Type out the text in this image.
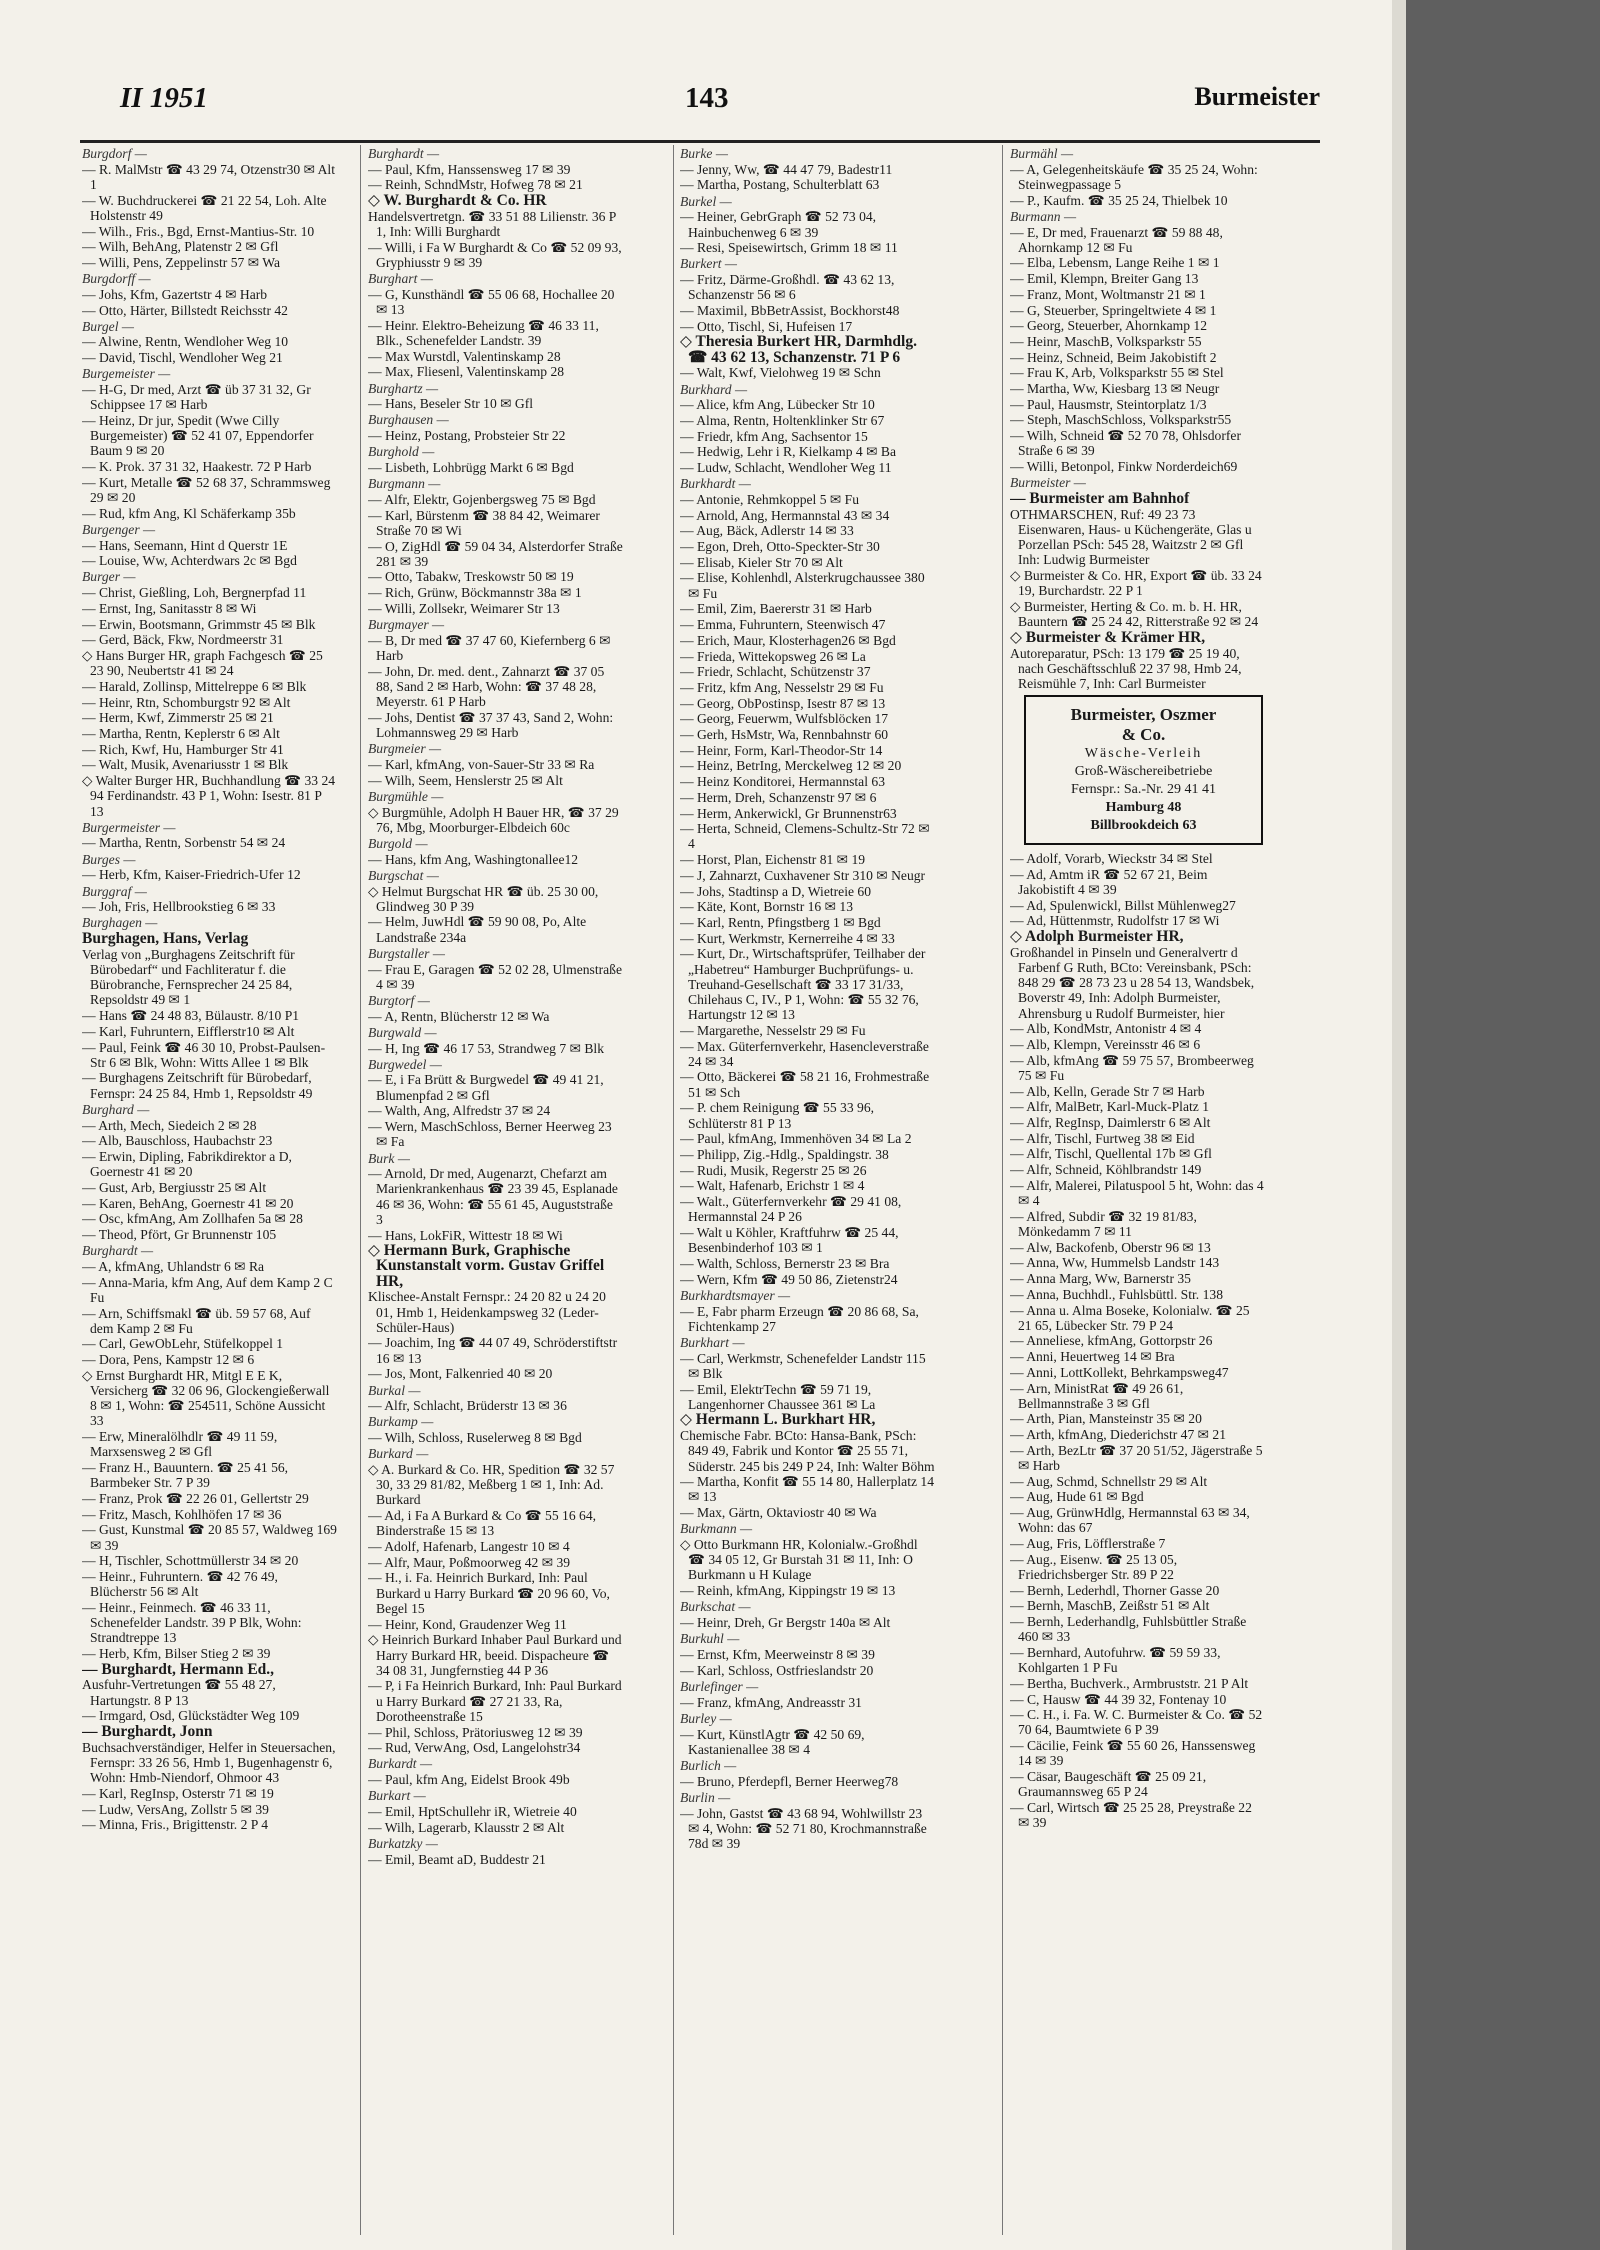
II 1951	143	Burmeister
Burgdorf —
— R. MalMstr ☎ 43 29 74, Otzenstr30 ✉ Alt 1
— W. Buchdruckerei ☎ 21 22 54, Loh. Alte Holstenstr 49
— Wilh., Fris., Bgd, Ernst-Mantius-Str. 10
— Wilh, BehAng, Platenstr 2 ✉ Gfl
— Willi, Pens, Zeppelinstr 57 ✉ Wa
Burgdorff —
— Johs, Kfm, Gazertstr 4 ✉ Harb
— Otto, Härter, Billstedt Reichsstr 42
Burgel —
— Alwine, Rentn, Wendloher Weg 10
— David, Tischl, Wendloher Weg 21
Burgemeister —
— H-G, Dr med, Arzt ☎ üb 37 31 32, Gr Schippsee 17 ✉ Harb
— Heinz, Dr jur, Spedit (Wwe Cilly Burgemeister) ☎ 52 41 07, Eppendorfer Baum 9 ✉ 20
— K. Prok. 37 31 32, Haakestr. 72 P Harb
— Kurt, Metalle ☎ 52 68 37, Schrammsweg 29 ✉ 20
— Rud, kfm Ang, Kl Schäferkamp 35b
Burgenger —
— Hans, Seemann, Hint d Querstr 1E
— Louise, Ww, Achterdwars 2c ✉ Bgd
Burger —
— Christ, Gießling, Loh, Bergnerpfad 11
— Ernst, Ing, Sanitasstr 8 ✉ Wi
— Erwin, Bootsmann, Grimmstr 45 ✉ Blk
— Gerd, Bäck, Fkw, Nordmeerstr 31
◇ Hans Burger HR, graph Fachgesch ☎ 25 23 90, Neubertstr 41 ✉ 24
— Harald, Zollinsp, Mittelreppe 6 ✉ Blk
— Heinr, Rtn, Schomburgstr 92 ✉ Alt
— Herm, Kwf, Zimmerstr 25 ✉ 21
— Martha, Rentn, Keplerstr 6 ✉ Alt
— Rich, Kwf, Hu, Hamburger Str 41
— Walt, Musik, Avenariusstr 1 ✉ Blk
◇ Walter Burger HR, Buchhandlung ☎ 33 24 94 Ferdinandstr. 43 P 1, Wohn: Isestr. 81 P 13
Burgermeister —
— Martha, Rentn, Sorbenstr 54 ✉ 24
Burges —
— Herb, Kfm, Kaiser-Friedrich-Ufer 12
Burggraf —
— Joh, Fris, Hellbrookstieg 6 ✉ 33
Burghagen —
Burghagen, Hans, Verlag
Verlag von „Burghagens Zeitschrift für Bürobedarf“ und Fachliteratur f. die Bürobranche, Fernsprecher 24 25 84, Repsoldstr 49 ✉ 1
— Hans ☎ 24 48 83, Bülaustr. 8/10 P1
— Karl, Fuhruntern, Eifflerstr10 ✉ Alt
— Paul, Feink ☎ 46 30 10, Probst-Paulsen-Str 6 ✉ Blk, Wohn: Witts Allee 1 ✉ Blk
— Burghagens Zeitschrift für Bürobedarf, Fernspr: 24 25 84, Hmb 1, Repsoldstr 49
Burghard —
— Arth, Mech, Siedeich 2 ✉ 28
— Alb, Bauschloss, Haubachstr 23
— Erwin, Dipling, Fabrikdirektor a D, Goernestr 41 ✉ 20
— Gust, Arb, Bergiusstr 25 ✉ Alt
— Karen, BehAng, Goernestr 41 ✉ 20
— Osc, kfmAng, Am Zollhafen 5a ✉ 28
— Theod, Pfört, Gr Brunnenstr 105
Burghardt —
— A, kfmAng, Uhlandstr 6 ✉ Ra
— Anna-Maria, kfm Ang, Auf dem Kamp 2 C Fu
— Arn, Schiffsmakl ☎ üb. 59 57 68, Auf dem Kamp 2 ✉ Fu
— Carl, GewObLehr, Stüfelkoppel 1
— Dora, Pens, Kampstr 12 ✉ 6
◇ Ernst Burghardt HR, Mitgl E E K, Versicherg ☎ 32 06 96, Glockengießerwall 8 ✉ 1, Wohn: ☎ 254511, Schöne Aussicht 33
— Erw, Mineralölhdlr ☎ 49 11 59, Marxsensweg 2 ✉ Gfl
— Franz H., Bauuntern. ☎ 25 41 56, Barmbeker Str. 7 P 39
— Franz, Prok ☎ 22 26 01, Gellertstr 29
— Fritz, Masch, Kohlhöfen 17 ✉ 36
— Gust, Kunstmal ☎ 20 85 57, Waldweg 169 ✉ 39
— H, Tischler, Schottmüllerstr 34 ✉ 20
— Heinr., Fuhruntern. ☎ 42 76 49, Blücherstr 56 ✉ Alt
— Heinr., Feinmech. ☎ 46 33 11, Schenefelder Landstr. 39 P Blk, Wohn: Strandtreppe 13
— Herb, Kfm, Bilser Stieg 2 ✉ 39
— Burghardt, Hermann Ed.,
Ausfuhr-Vertretungen ☎ 55 48 27, Hartungstr. 8 P 13
— Irmgard, Osd, Glückstädter Weg 109
— Burghardt, Jonn
Buchsachverständiger, Helfer in Steuersachen, Fernspr: 33 26 56, Hmb 1, Bugenhagenstr 6, Wohn: Hmb-Niendorf, Ohmoor 43
— Karl, RegInsp, Osterstr 71 ✉ 19
— Ludw, VersAng, Zollstr 5 ✉ 39
— Minna, Fris., Brigittenstr. 2 P 4
Burghardt —
— Paul, Kfm, Hanssensweg 17 ✉ 39
— Reinh, SchndMstr, Hofweg 78 ✉ 21
◇ W. Burghardt & Co. HR
Handelsvertretgn. ☎ 33 51 88 Lilienstr. 36 P 1, Inh: Willi Burghardt
— Willi, i Fa W Burghardt & Co ☎ 52 09 93, Gryphiusstr 9 ✉ 39
Burghart —
— G, Kunsthändl ☎ 55 06 68, Hochallee 20 ✉ 13
— Heinr. Elektro-Beheizung ☎ 46 33 11, Blk., Schenefelder Landstr. 39
— Max Wurstdl, Valentinskamp 28
— Max, Fliesenl, Valentinskamp 28
Burghartz —
— Hans, Beseler Str 10 ✉ Gfl
Burghausen —
— Heinz, Postang, Probsteier Str 22
Burghold —
— Lisbeth, Lohbrügg Markt 6 ✉ Bgd
Burgmann —
— Alfr, Elektr, Gojenbergsweg 75 ✉ Bgd
— Karl, Bürstenm ☎ 38 84 42, Weimarer Straße 70 ✉ Wi
— O, ZigHdl ☎ 59 04 34, Alsterdorfer Straße 281 ✉ 39
— Otto, Tabakw, Treskowstr 50 ✉ 19
— Rich, Grünw, Böckmannstr 38a ✉ 1
— Willi, Zollsekr, Weimarer Str 13
Burgmayer —
— B, Dr med ☎ 37 47 60, Kiefernberg 6 ✉ Harb
— John, Dr. med. dent., Zahnarzt ☎ 37 05 88, Sand 2 ✉ Harb, Wohn: ☎ 37 48 28, Meyerstr. 61 P Harb
— Johs, Dentist ☎ 37 37 43, Sand 2, Wohn: Lohmannsweg 29 ✉ Harb
Burgmeier —
— Karl, kfmAng, von-Sauer-Str 33 ✉ Ra
— Wilh, Seem, Henslerstr 25 ✉ Alt
Burgmühle —
◇ Burgmühle, Adolph H Bauer HR, ☎ 37 29 76, Mbg, Moorburger-Elbdeich 60c
Burgold —
— Hans, kfm Ang, Washingtonallee12
Burgschat —
◇ Helmut Burgschat HR ☎ üb. 25 30 00, Glindweg 30 P 39
— Helm, JuwHdl ☎ 59 90 08, Po, Alte Landstraße 234a
Burgstaller —
— Frau E, Garagen ☎ 52 02 28, Ulmenstraße 4 ✉ 39
Burgtorf —
— A, Rentn, Blücherstr 12 ✉ Wa
Burgwald —
— H, Ing ☎ 46 17 53, Strandweg 7 ✉ Blk
Burgwedel —
— E, i Fa Brütt & Burgwedel ☎ 49 41 21, Blumenpfad 2 ✉ Gfl
— Walth, Ang, Alfredstr 37 ✉ 24
— Wern, MaschSchloss, Berner Heerweg 23 ✉ Fa
Burk —
— Arnold, Dr med, Augenarzt, Chefarzt am Marienkrankenhaus ☎ 23 39 45, Esplanade 46 ✉ 36, Wohn: ☎ 55 61 45, Auguststraße 3
— Hans, LokFiR, Wittestr 18 ✉ Wi
◇ Hermann Burk, Graphische Kunstanstalt vorm. Gustav Griffel HR,
Klischee-Anstalt Fernspr.: 24 20 82 u 24 20 01, Hmb 1, Heidenkampsweg 32 (Leder-Schüler-Haus)
— Joachim, Ing ☎ 44 07 49, Schröderstiftstr 16 ✉ 13
— Jos, Mont, Falkenried 40 ✉ 20
Burkal —
— Alfr, Schlacht, Brüderstr 13 ✉ 36
Burkamp —
— Wilh, Schloss, Ruselerweg 8 ✉ Bgd
Burkard —
◇ A. Burkard & Co. HR, Spedition ☎ 32 57 30, 33 29 81/82, Meßberg 1 ✉ 1, Inh: Ad. Burkard
— Ad, i Fa A Burkard & Co ☎ 55 16 64, Binderstraße 15 ✉ 13
— Adolf, Hafenarb, Langestr 10 ✉ 4
— Alfr, Maur, Poßmoorweg 42 ✉ 39
— H., i. Fa. Heinrich Burkard, Inh: Paul Burkard u Harry Burkard ☎ 20 96 60, Vo, Begel 15
— Heinr, Kond, Graudenzer Weg 11
◇ Heinrich Burkard Inhaber Paul Burkard und Harry Burkard HR, beeid. Dispacheure ☎ 34 08 31, Jungfernstieg 44 P 36
— P, i Fa Heinrich Burkard, Inh: Paul Burkard u Harry Burkard ☎ 27 21 33, Ra, Dorotheenstraße 15
— Phil, Schloss, Prätoriusweg 12 ✉ 39
— Rud, VerwAng, Osd, Langelohstr34
Burkardt —
— Paul, kfm Ang, Eidelst Brook 49b
Burkart —
— Emil, HptSchullehr iR, Wietreie 40
— Wilh, Lagerarb, Klausstr 2 ✉ Alt
Burkatzky —
— Emil, Beamt aD, Buddestr 21
Burke —
— Jenny, Ww, ☎ 44 47 79, Badestr11
— Martha, Postang, Schulterblatt 63
Burkel —
— Heiner, GebrGraph ☎ 52 73 04, Hainbuchenweg 6 ✉ 39
— Resi, Speisewirtsch, Grimm 18 ✉ 11
Burkert —
— Fritz, Därme-Großhdl. ☎ 43 62 13, Schanzenstr 56 ✉ 6
— Maximil, BbBetrAssist, Bockhorst48
— Otto, Tischl, Si, Hufeisen 17
◇ Theresia Burkert HR, Darmhdlg. ☎ 43 62 13, Schanzenstr. 71 P 6
— Walt, Kwf, Vielohweg 19 ✉ Schn
Burkhard —
— Alice, kfm Ang, Lübecker Str 10
— Alma, Rentn, Holtenklinker Str 67
— Friedr, kfm Ang, Sachsentor 15
— Hedwig, Lehr i R, Kielkamp 4 ✉ Ba
— Ludw, Schlacht, Wendloher Weg 11
Burkhardt —
— Antonie, Rehmkoppel 5 ✉ Fu
— Arnold, Ang, Hermannstal 43 ✉ 34
— Aug, Bäck, Adlerstr 14 ✉ 33
— Egon, Dreh, Otto-Speckter-Str 30
— Elisab, Kieler Str 70 ✉ Alt
— Elise, Kohlenhdl, Alsterkrugchaussee 380 ✉ Fu
— Emil, Zim, Baererstr 31 ✉ Harb
— Emma, Fuhruntern, Steenwisch 47
— Erich, Maur, Klosterhagen26 ✉ Bgd
— Frieda, Wittekopsweg 26 ✉ La
— Friedr, Schlacht, Schützenstr 37
— Fritz, kfm Ang, Nesselstr 29 ✉ Fu
— Georg, ObPostinsp, Isestr 87 ✉ 13
— Georg, Feuerwm, Wulfsblöcken 17
— Gerh, HsMstr, Wa, Rennbahnstr 60
— Heinr, Form, Karl-Theodor-Str 14
— Heinz, BetrIng, Merckelweg 12 ✉ 20
— Heinz Konditorei, Hermannstal 63
— Herm, Dreh, Schanzenstr 97 ✉ 6
— Herm, Ankerwickl, Gr Brunnenstr63
— Herta, Schneid, Clemens-Schultz-Str 72 ✉ 4
— Horst, Plan, Eichenstr 81 ✉ 19
— J, Zahnarzt, Cuxhavener Str 310 ✉ Neugr
— Johs, Stadtinsp a D, Wietreie 60
— Käte, Kont, Bornstr 16 ✉ 13
— Karl, Rentn, Pfingstberg 1 ✉ Bgd
— Kurt, Werkmstr, Kernerreihe 4 ✉ 33
— Kurt, Dr., Wirtschaftsprüfer, Teilhaber der „Habetreu“ Hamburger Buchprüfungs- u. Treuhand-Gesellschaft ☎ 33 17 31/33, Chilehaus C, IV., P 1, Wohn: ☎ 55 32 76, Hartungstr 12 ✉ 13
— Margarethe, Nesselstr 29 ✉ Fu
— Max. Güterfernverkehr, Hasencleverstraße 24 ✉ 34
— Otto, Bäckerei ☎ 58 21 16, Frohmestraße 51 ✉ Sch
— P. chem Reinigung ☎ 55 33 96, Schlüterstr 81 P 13
— Paul, kfmAng, Immenhöven 34 ✉ La 2
— Philipp, Zig.-Hdlg., Spaldingstr. 38
— Rudi, Musik, Regerstr 25 ✉ 26
— Walt, Hafenarb, Erichstr 1 ✉ 4
— Walt., Güterfernverkehr ☎ 29 41 08, Hermannstal 24 P 26
— Walt u Köhler, Kraftfuhrw ☎ 25 44, Besenbinderhof 103 ✉ 1
— Walth, Schloss, Bernerstr 23 ✉ Bra
— Wern, Kfm ☎ 49 50 86, Zietenstr24
Burkhardtsmayer —
— E, Fabr pharm Erzeugn ☎ 20 86 68, Sa, Fichtenkamp 27
Burkhart —
— Carl, Werkmstr, Schenefelder Landstr 115 ✉ Blk
— Emil, ElektrTechn ☎ 59 71 19, Langenhorner Chaussee 361 ✉ La
◇ Hermann L. Burkhart HR,
Chemische Fabr. BCto: Hansa-Bank, PSch: 849 49, Fabrik und Kontor ☎ 25 55 71, Süderstr. 245 bis 249 P 24, Inh: Walter Böhm
— Martha, Konfit ☎ 55 14 80, Hallerplatz 14 ✉ 13
— Max, Gärtn, Oktaviostr 40 ✉ Wa
Burkmann —
◇ Otto Burkmann HR, Kolonialw.-Großhdl ☎ 34 05 12, Gr Burstah 31 ✉ 11, Inh: O Burkmann u H Kulage
— Reinh, kfmAng, Kippingstr 19 ✉ 13
Burkschat —
— Heinr, Dreh, Gr Bergstr 140a ✉ Alt
Burkuhl —
— Ernst, Kfm, Meerweinstr 8 ✉ 39
— Karl, Schloss, Ostfrieslandstr 20
Burlefinger —
— Franz, kfmAng, Andreasstr 31
Burley —
— Kurt, KünstlAgtr ☎ 42 50 69, Kastanienallee 38 ✉ 4
Burlich —
— Bruno, Pferdepfl, Berner Heerweg78
Burlin —
— John, Gastst ☎ 43 68 94, Wohlwillstr 23 ✉ 4, Wohn: ☎ 52 71 80, Krochmannstraße 78d ✉ 39
Burmähl —
— A, Gelegenheitskäufe ☎ 35 25 24, Wohn: Steinwegpassage 5
— P., Kaufm. ☎ 35 25 24, Thielbek 10
Burmann —
— E, Dr med, Frauenarzt ☎ 59 88 48, Ahornkamp 12 ✉ Fu
— Elba, Lebensm, Lange Reihe 1 ✉ 1
— Emil, Klempn, Breiter Gang 13
— Franz, Mont, Woltmanstr 21 ✉ 1
— G, Steuerber, Springeltwiete 4 ✉ 1
— Georg, Steuerber, Ahornkamp 12
— Heinr, MaschB, Volksparkstr 55
— Heinz, Schneid, Beim Jakobistift 2
— Frau K, Arb, Volksparkstr 55 ✉ Stel
— Martha, Ww, Kiesbarg 13 ✉ Neugr
— Paul, Hausmstr, Steintorplatz 1/3
— Steph, MaschSchloss, Volksparkstr55
— Wilh, Schneid ☎ 52 70 78, Ohlsdorfer Straße 6 ✉ 39
— Willi, Betonpol, Finkw Norderdeich69
Burmeister —
— Burmeister am Bahnhof
OTHMARSCHEN, Ruf: 49 23 73 Eisenwaren, Haus- u Küchengeräte, Glas u Porzellan PSch: 545 28, Waitzstr 2 ✉ Gfl Inh: Ludwig Burmeister
◇ Burmeister & Co. HR, Export ☎ üb. 33 24 19, Burchardstr. 22 P 1
◇ Burmeister, Herting & Co. m. b. H. HR, Bauntern ☎ 25 24 42, Ritterstraße 92 ✉ 24
◇ Burmeister & Krämer HR,
Autoreparatur, PSch: 13 179 ☎ 25 19 40, nach Geschäftsschluß 22 37 98, Hmb 24, Reismühle 7, Inh: Carl Burmeister
Burmeister, Oszmer
& Co.
Wäsche-Verleih
Groß-Wäschereibetriebe
Fernspr.: Sa.-Nr. 29 41 41
Hamburg 48
Billbrookdeich 63
— Adolf, Vorarb, Wieckstr 34 ✉ Stel
— Ad, Amtm iR ☎ 52 67 21, Beim Jakobistift 4 ✉ 39
— Ad, Spulenwickl, Billst Mühlenweg27
— Ad, Hüttenmstr, Rudolfstr 17 ✉ Wi
◇ Adolph Burmeister HR,
Großhandel in Pinseln und Generalvertr d Farbenf G Ruth, BCto: Vereinsbank, PSch: 848 29 ☎ 28 73 23 u 28 54 13, Wandsbek, Boverstr 49, Inh: Adolph Burmeister, Ahrensburg u Rudolf Burmeister, hier
— Alb, KondMstr, Antonistr 4 ✉ 4
— Alb, Klempn, Vereinsstr 46 ✉ 6
— Alb, kfmAng ☎ 59 75 57, Brombeerweg 75 ✉ Fu
— Alb, Kelln, Gerade Str 7 ✉ Harb
— Alfr, MalBetr, Karl-Muck-Platz 1
— Alfr, RegInsp, Daimlerstr 6 ✉ Alt
— Alfr, Tischl, Furtweg 38 ✉ Eid
— Alfr, Tischl, Quellental 17b ✉ Gfl
— Alfr, Schneid, Köhlbrandstr 149
— Alfr, Malerei, Pilatuspool 5 ht, Wohn: das 4 ✉ 4
— Alfred, Subdir ☎ 32 19 81/83, Mönkedamm 7 ✉ 11
— Alw, Backofenb, Oberstr 96 ✉ 13
— Anna, Ww, Hummelsb Landstr 143
— Anna Marg, Ww, Barnerstr 35
— Anna, Buchhdl., Fuhlsbüttl. Str. 138
— Anna u. Alma Boseke, Kolonialw. ☎ 25 21 65, Lübecker Str. 79 P 24
— Anneliese, kfmAng, Gottorpstr 26
— Anni, Heuertweg 14 ✉ Bra
— Anni, LottKollekt, Behrkampsweg47
— Arn, MinistRat ☎ 49 26 61, Bellmannstraße 3 ✉ Gfl
— Arth, Pian, Mansteinstr 35 ✉ 20
— Arth, kfmAng, Diederichstr 47 ✉ 21
— Arth, BezLtr ☎ 37 20 51/52, Jägerstraße 5 ✉ Harb
— Aug, Schmd, Schnellstr 29 ✉ Alt
— Aug, Hude 61 ✉ Bgd
— Aug, GrünwHdlg, Hermannstal 63 ✉ 34, Wohn: das 67
— Aug, Fris, Löfflerstraße 7
— Aug., Eisenw. ☎ 25 13 05, Friedrichsberger Str. 89 P 22
— Bernh, Lederhdl, Thorner Gasse 20
— Bernh, MaschB, Zeißstr 51 ✉ Alt
— Bernh, Lederhandlg, Fuhlsbüttler Straße 460 ✉ 33
— Bernhard, Autofuhrw. ☎ 59 59 33, Kohlgarten 1 P Fu
— Bertha, Buchverk., Armbruststr. 21 P Alt
— C, Hausw ☎ 44 39 32, Fontenay 10
— C. H., i. Fa. W. C. Burmeister & Co. ☎ 52 70 64, Baumtwiete 6 P 39
— Cäcilie, Feink ☎ 55 60 26, Hanssensweg 14 ✉ 39
— Cäsar, Baugeschäft ☎ 25 09 21, Graumannsweg 65 P 24
— Carl, Wirtsch ☎ 25 25 28, Preystraße 22 ✉ 39
